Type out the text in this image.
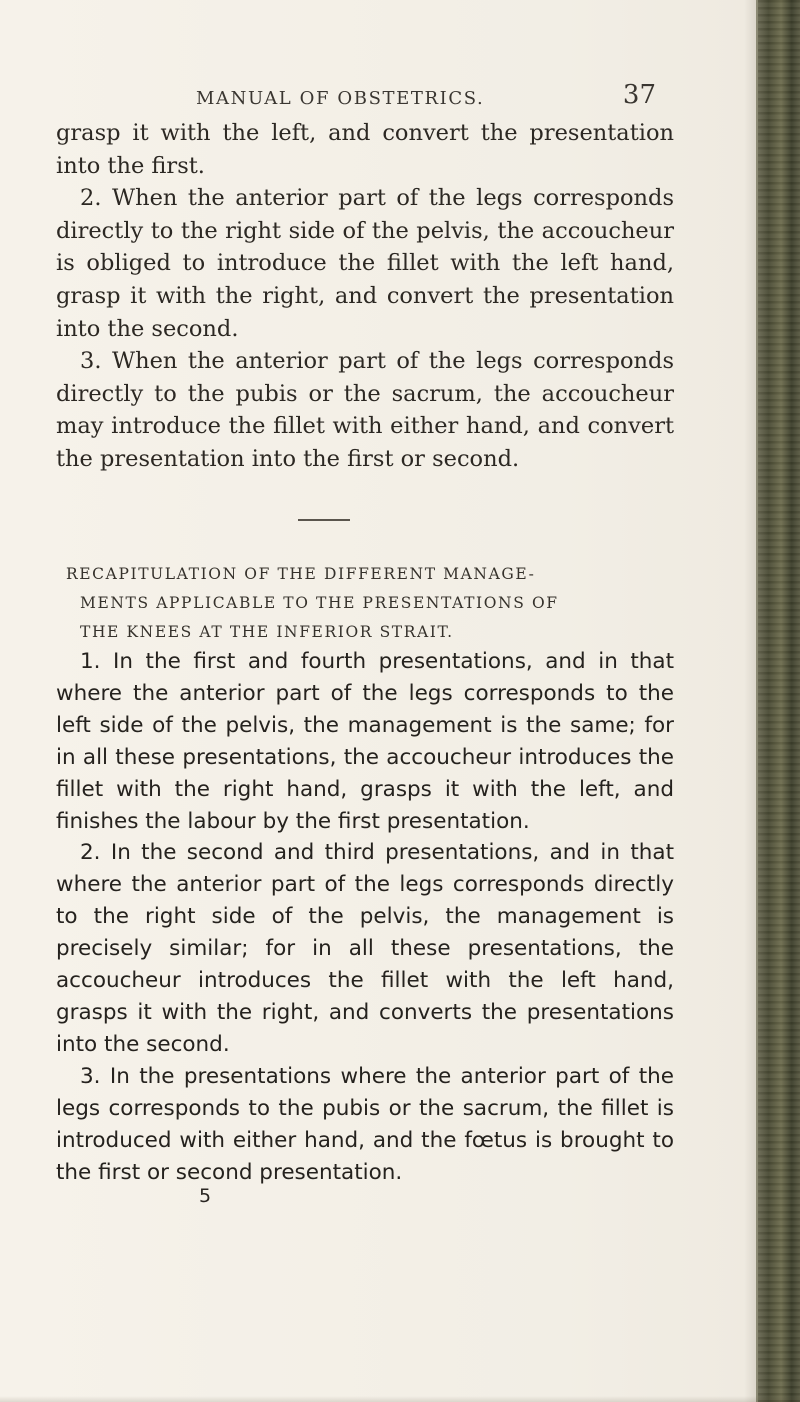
MANUAL OF OBSTETRICS.	37

grasp it with the left, and convert the presentation into the first.

2. When the anterior part of the legs corresponds directly to the right side of the pelvis, the accoucheur is obliged to introduce the fillet with the left hand, grasp it with the right, and convert the presentation into the second.

3. When the anterior part of the legs corresponds directly to the pubis or the sacrum, the accoucheur may introduce the fillet with either hand, and convert the presentation into the first or second.

RECAPITULATION OF THE DIFFERENT MANAGE-

MENTS APPLICABLE TO THE PRESENTATIONS OF

THE KNEES AT THE INFERIOR STRAIT.

1. In the first and fourth presentations, and in that where the anterior part of the legs corresponds to the left side of the pelvis, the management is the same; for in all these presentations, the accoucheur introduces the fillet with the right hand, grasps it with the left, and finishes the labour by the first presentation.

2. In the second and third presentations, and in that where the anterior part of the legs corresponds directly to the right side of the pelvis, the management is precisely similar; for in all these presentations, the accoucheur introduces the fillet with the left hand, grasps it with the right, and converts the presentations into the second.

3. In the presentations where the anterior part of the legs corresponds to the pubis or the sacrum, the fillet is introduced with either hand, and the fœtus is brought to the first or second presentation.

5
